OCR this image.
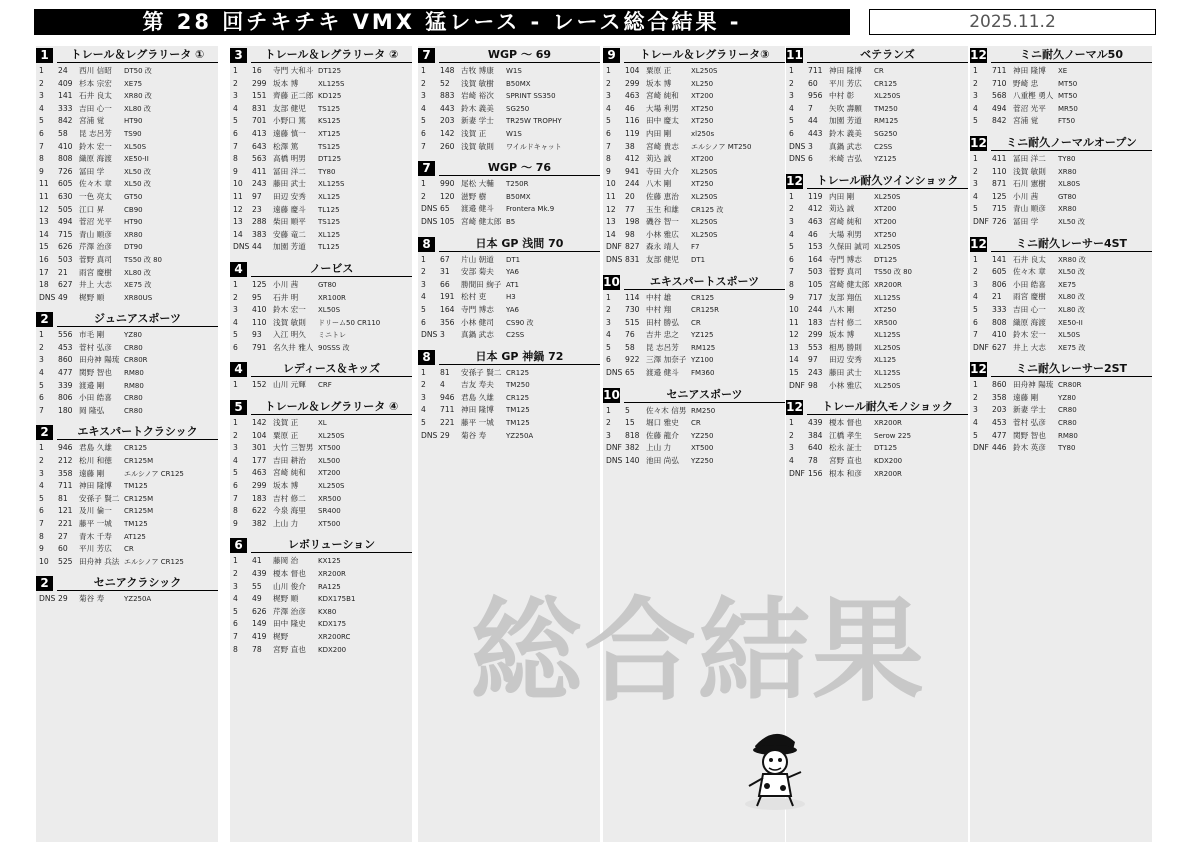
第 28 回チキチキ VMX 猛レース - レース総合結果 -	2025.11.2
1	トレール＆レグラリータ ①
1	24	西川 信昭	DT50 改
2	409 杉本 宗宏	XE75
3	141 石井 良太	XR80 改
4	333 吉田 心一	XL80 改
5	842 宮浦 覚	HT90
6	58	昆 志呂芳	TS90
7	410 鈴木 宏一	XL50S
8	808 織原 海渡	XE50-II
9	726 冨田 学	XL50 改
11	605 佐々木 章	XL50 改
11	630 一色 亮太	GT50
12	505 江口 昇	CB90
13	494 菅沼 光平	HT90
14	715 青山 順彦	XR80
15	626 芹澤 治彦	DT90
16	503 菅野 真司	TS50 改 80
17	21	雨宮 慶樹	XL80 改
18	627 井上 大志	XE75 改
DNS 49	梶野 順	XR80US
2	ジュニアスポーツ
1	556 市毛 剛	YZ80
2	453 菅村 弘彦	CR80
3	860 田舟神 陽琉 CR80R
4	477 関野 智也	RM80
5	339 渡邉 剛	RM80
6	806 小田 皓喜	CR80
7	180 岡 隆弘	CR80
2	エキスパートクラシック
1	946 君島 久雄	CR125
2	212 松川 和徳	CR125M
3	358 遠藤 剛	エルシノア CR125
4	711 神田 隆博	TM125
5	81	安孫子 賢二 CR125M
6	121 及川 倫一	CR125M
7	221 藤平 一城	TM125
8	27	青木 千寿	AT125
9	60	平川 芳広	CR
10	525 田舟神 兵法 エルシノア CR125
2	セニアクラシック
DNS 29	菊谷 寿	YZ250A
3	トレール＆レグラリータ ②
1	16	寺門 大和斗 DT125
2	299 坂本 博	XL125S
3	151 齊藤 正二郎 KD125
4	831 友部 健児	TS125
5	701 小野口 篤	KS125
6	413 遠藤 慎一	XT125
7	643 松澤 篤	TS125
8	563 高橋 明男	DT125
9	411 冨田 洋二	TY80
10	243 藤田 武士	XL125S
11	97	田辺 安秀	XL125
12	23	遠藤 慶斗	TL125
13	288 柴田 順平	TS125
14	383 安藤 竜二	XL125
DNS 44	加園 芳道	TL125
4	ノービス
1	125 小川 茜	GT80
2	95	石井 明	XR100R
3	410 鈴木 宏一	XL50S
4	110 浅賀 敏則	ドリーム50 CR110
5	93	入江 明久	ミニトレ
6	791 名久井 雅人 90SSS 改
4	レディース＆キッズ
1	152 山川 元輝	CRF
5	トレール＆レグラリータ ④
1	142 浅賀 正	XL
2	104 粟原 正	XL250S
3	301 大竹 三智男 XT500
4	177 吉田 耕治	XL500
5	463 宮崎 純和	XT200
6	299 坂本 博	XL250S
7	183 吉村 修二	XR500
8	622 今泉 海里	SR400
9	382 上山 力	XT500
6	レボリューション
1	41	藤岡 治	KX125
2	439 榎本 督也	XR200R
3	55	山川 俊介	RA125
4	49	梶野 順	KDX175B1
5	626 芹澤 治彦	KX80
6	149 田中 隆史	KDX175
7	419 梶野	XR200RC
8	78	宮野 直也	KDX200
7	WGP ～ 69
1	148 古牧 博康	W1S
2	52	浅賀 敏樹	B50MX
3	883 岩崎 裕次	SPRINT SS350
4	443 鈴木 義美	SG250
5	203 新妻 学士	TR25W TROPHY
6	142 浅賀 正	W1S
7	260 浅賀 敏則	ワイルドキャット
7	WGP ～ 76
1	990 尾松 大輔	T250R
2	120 滋野 樹	B50MX
DNS 65	渡邉 健斗	Frontera Mk.9
DNS 105 宮崎 健太郎 B5
8	日本 GP 浅間 70
1	67	片山 朝道	DT1
2	31	安部 菊夫	YA6
3	66	勝間田 絢子 AT1
4	191 松村 吏	H3
5	164 寺門 博志	YA6
6	356 小林 健司	CS90 改
DNS 3	真鍋 武志	C2SS
8	日本 GP 神鍋 72
1	81	安孫子 賢二 CR125
2	4	吉友 寿夫	TM250
3	946 君島 久雄	CR125
4	711 神田 隆博	TM125
5	221 藤平 一城	TM125
DNS 29	菊谷 寿	YZ250A
9	トレール＆レグラリータ③
1	104 粟原 正	XL250S
2	299 坂本 博	XL250
3	463 宮崎 純和	XT200
4	46	大場 利男	XT250
5	116 田中 慶太	XT250
6	119 内田 剛	xl250s
7	38	宮崎 貴志	エルシノア MT250
8	412 苅込 誠	XT200
9	941 寺田 大介	XL250S
10	244 八木 剛	XT250
11	20	佐藤 恵治	XL250S
12	77	玉生 和雄	CR125 改
13	198 磯谷 智一	XL250S
14	98	小林 雅広	XL250S
DNF 827 森永 靖人	F7
DNS 831 友部 健児	DT1
10	エキスパートスポーツ
1	114 中村 雄	CR125
2	730 中村 翔	CR125R
3	515 田村 勝弘	CR
4	76	吉井 忠之	YZ125
5	58	昆 志呂芳	RM125
6	922 三澤 加奈子 YZ100
DNS 65	渡邉 健斗	FM360
10	セニアスポーツ
1	5	佐々木 信男 RM250
2	15	堀口 雅史	CR
3	818 佐藤 龍介	YZ250
DNF 382 上山 力	XT500
DNS 140 池田 尚弘	YZ250
11	ベテランズ
1	711 神田 隆博	CR
2	60	平川 芳広	CR125
3	956 中村 彰	XL250S
4	7	矢吹 壽願	TM250
5	44	加園 芳道	RM125
6	443 鈴木 義美	SG250
DNS 3	真鍋 武志	C2SS
DNS 6	米崎 吉弘	YZ125
12	トレール耐久ツインショック
1	119 内田 剛	XL250S
2	412 苅込 誠	XT200
3	463 宮崎 純和	XT200
4	46	大場 利男	XT250
5	153 久保田 誠司 XL250S
6	164 寺門 博志	DT125
7	503 菅野 真司	TS50 改 80
8	105 宮崎 健太郎 XR200R
9	717 友部 翔伍	XL125S
10	244 八木 剛	XT250
11	183 吉村 修二	XR500
12	299 坂本 博	XL125S
13	553 相馬 勝則	XL250S
14	97	田辺 安秀	XL125
15	243 藤田 武士	XL125S
DNF 98	小林 雅広	XL250S
12	トレール耐久モノショック
1	439 榎本 督也	XR200R
2	384 江橋 孝生	Serow 225
3	640 松永 証士	DT125
4	78	宮野 直也	KDX200
DNF 156 根本 和彦	XR200R
12	ミニ耐久ノーマル50
1	711 神田 隆博	XE
2	710 野崎 忠	MT50
3	568 八重樫 勇人 MT50
4	494 菅沼 光平	MR50
5	842 宮浦 覚	FT50
12	ミニ耐久ノーマルオープン
1	411 冨田 洋二	TY80
2	110 浅賀 敏則	XR80
3	871 石川 憲樹	XL80S
4	125 小川 茜	GT80
5	715 青山 順彦	XR80
DNF 726 冨田 学	XL50 改
12	ミニ耐久レーサー4ST
1	141 石井 良太	XR80 改
2	605 佐々木 章	XL50 改
3	806 小田 皓喜	XE75
4	21	雨宮 慶樹	XL80 改
5	333 吉田 心一	XL80 改
6	808 織原 海渡	XE50-II
7	410 鈴木 宏一	XL50S
DNF 627 井上 大志	XE75 改
12	ミニ耐久レーサー2ST
1	860 田舟神 陽琉 CR80R
2	358 遠藤 剛	YZ80
3	203 新妻 学士	CR80
4	453 菅村 弘彦	CR80
5	477 関野 智也	RM80
DNF 446 鈴木 英彦	TY80
総合結果
